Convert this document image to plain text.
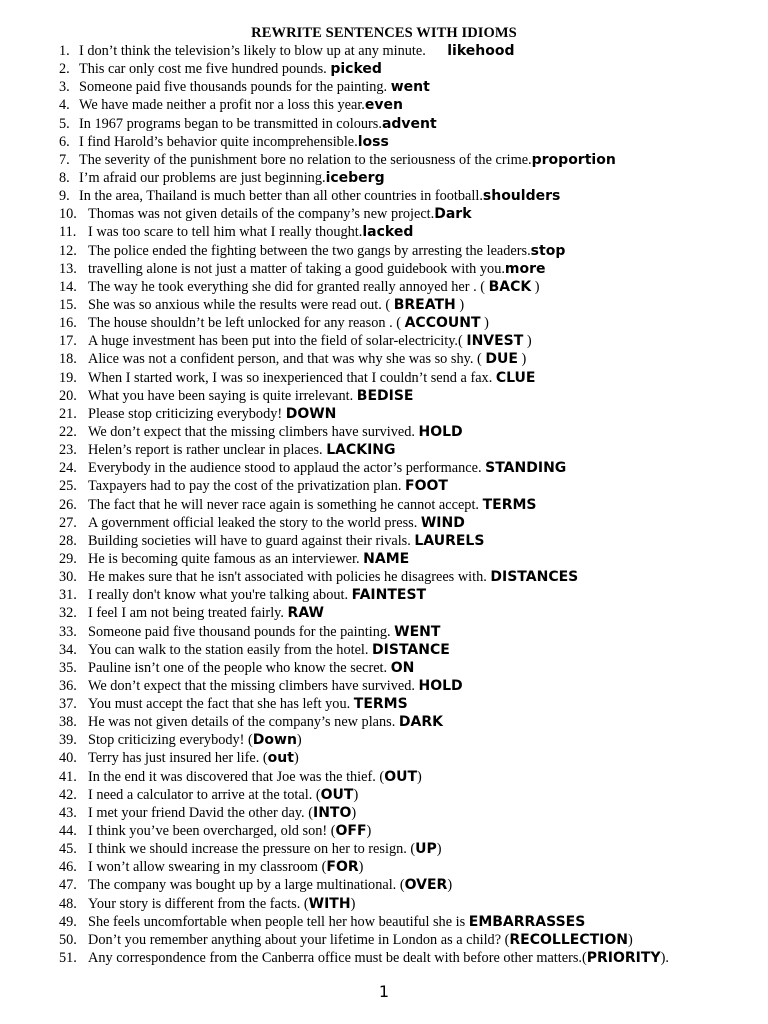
REWRITE SENTENCES WITH IDIOMS
1. I don’t think the television’s likely to blow up at any minute. likehood
2. This car only cost me five hundred pounds. picked
3. Someone paid five thousands pounds for the painting. went
4. We have made neither a profit nor a loss this year.even
5. In 1967 programs began to be transmitted in colours.advent
6. I find Harold’s behavior quite incomprehensible.loss
7. The severity of the punishment bore no relation to the seriousness of the crime.proportion
8. I’m afraid our problems are just beginning.iceberg
9. In the area, Thailand is much better than all other countries in football.shoulders
10. Thomas was not given details of the company’s new project.Dark
11. I was too scare to tell him what I really thought.lacked
12. The police ended the fighting between the two gangs by arresting the leaders.stop
13. travelling alone is not just a matter of taking a good guidebook with you.more
14. The way he took everything she did for granted really annoyed her . ( BACK )
15. She was so anxious while the results were read out. ( BREATH )
16. The house shouldn’t be left unlocked for any reason . ( ACCOUNT )
17. A huge investment has been put into the field of solar-electricity.( INVEST )
18. Alice was not a confident person, and that was why she was so shy. ( DUE )
19. When I started work, I was so inexperienced that I couldn’t send a fax. CLUE
20. What you have been saying is quite irrelevant. BEDISE
21. Please stop criticizing everybody! DOWN
22. We don’t expect that the missing climbers have survived. HOLD
23. Helen’s report is rather unclear in places. LACKING
24. Everybody in the audience stood to applaud the actor’s performance. STANDING
25. Taxpayers had to pay the cost of the privatization plan. FOOT
26. The fact that he will never race again is something he cannot accept. TERMS
27. A government official leaked the story to the world press. WIND
28. Building societies will have to guard against their rivals. LAURELS
29. He is becoming quite famous as an interviewer. NAME
30. He makes sure that he isn't associated with policies he disagrees with. DISTANCES
31. I really don't know what you're talking about. FAINTEST
32. I feel I am not being treated fairly. RAW
33. Someone paid five thousand pounds for the painting. WENT
34. You can walk to the station easily from the hotel. DISTANCE
35. Pauline isn’t one of the people who know the secret. ON
36. We don’t expect that the missing climbers have survived. HOLD
37. You must accept the fact that she has left you. TERMS
38. He was not given details of the company’s new plans. DARK
39. Stop criticizing everybody! (Down)
40. Terry has just insured her life. (out)
41. In the end it was discovered that Joe was the thief. (OUT)
42. I need a calculator to arrive at the total. (OUT)
43. I met your friend David the other day. (INTO)
44. I think you’ve been overcharged, old son! (OFF)
45. I think we should increase the pressure on her to resign. (UP)
46. I won’t allow swearing in my classroom (FOR)
47. The company was bought up by a large multinational. (OVER)
48. Your story is different from the facts. (WITH)
49. She feels uncomfortable when people tell her how beautiful she is EMBARRASSES
50. Don’t you remember anything about your lifetime in London as a child? (RECOLLECTION)
51. Any correspondence from the Canberra office must be dealt with before other matters.(PRIORITY).
1
